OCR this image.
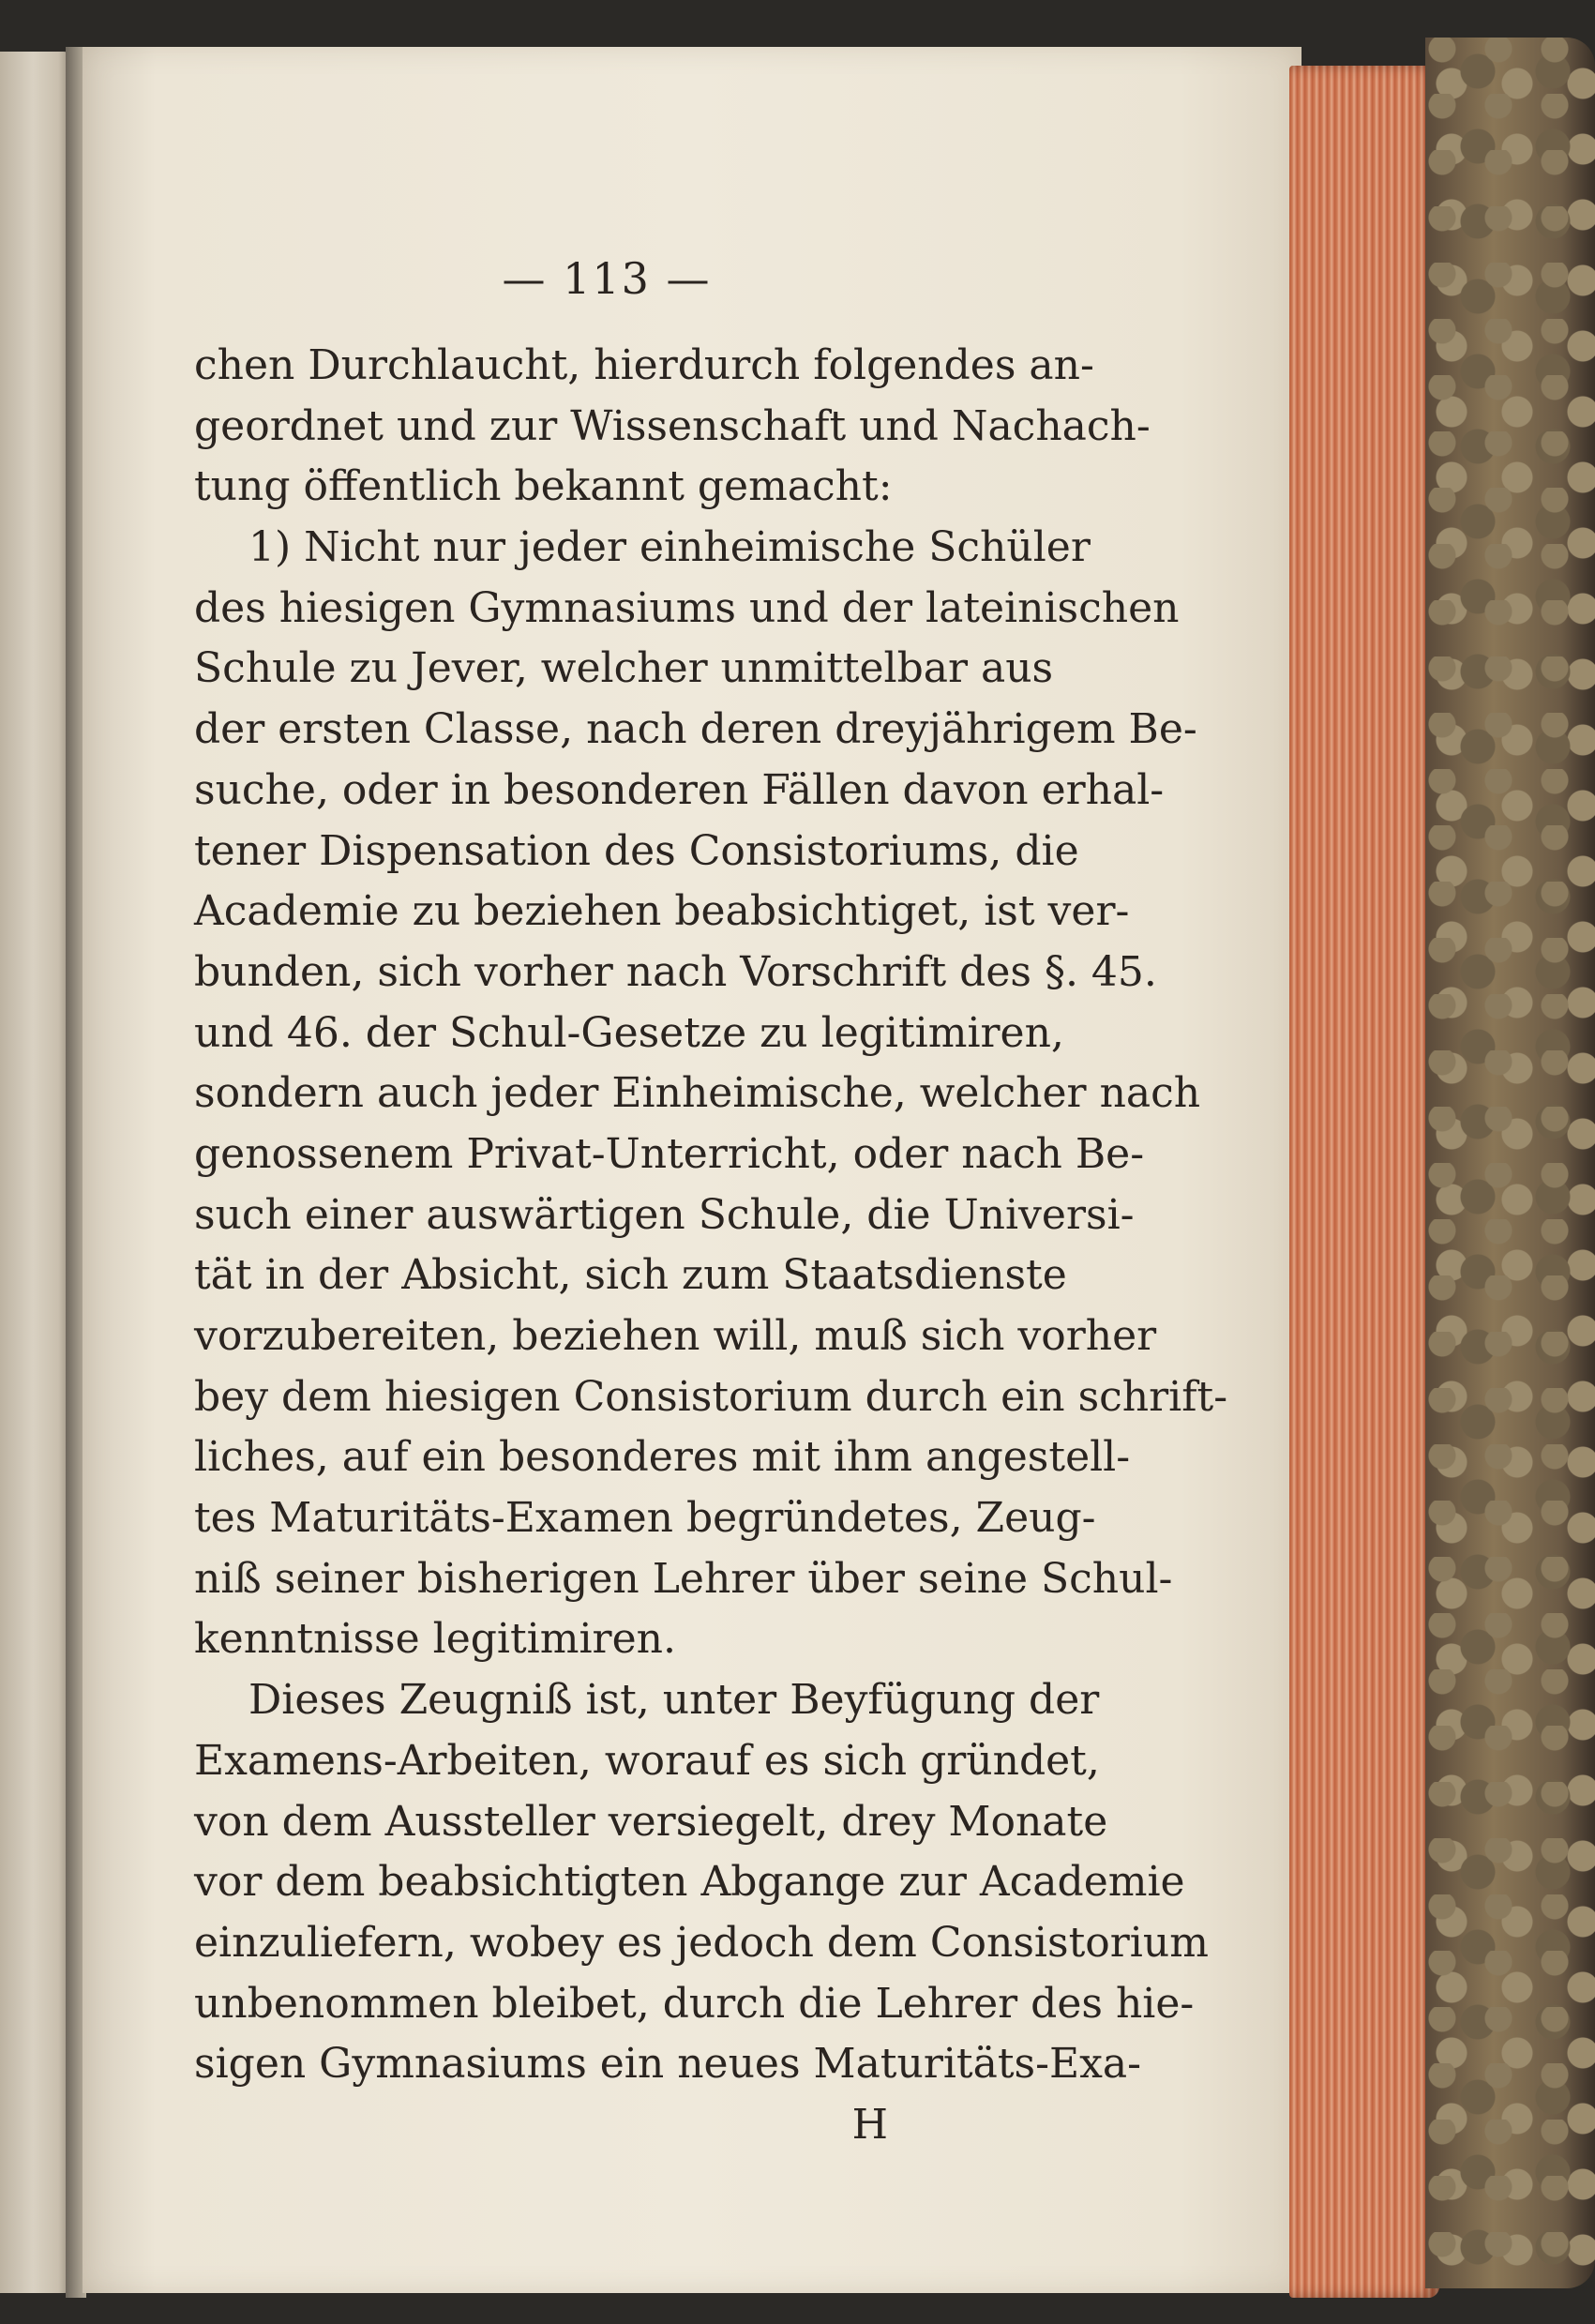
— 113 —
chen Durchlaucht, hierdurch folgendes an-
geordnet und zur Wissenschaft und Nachach-
tung öffentlich bekannt gemacht:
1) Nicht nur jeder einheimische Schüler
des hiesigen Gymnasiums und der lateinischen
Schule zu Jever, welcher unmittelbar aus
der ersten Classe, nach deren dreyjährigem Be-
suche, oder in besonderen Fällen davon erhal-
tener Dispensation des Consistoriums, die
Academie zu beziehen beabsichtiget, ist ver-
bunden, sich vorher nach Vorschrift des §. 45.
und 46. der Schul-Gesetze zu legitimiren,
sondern auch jeder Einheimische, welcher nach
genossenem Privat-Unterricht, oder nach Be-
such einer auswärtigen Schule, die Universi-
tät in der Absicht, sich zum Staatsdienste
vorzubereiten, beziehen will, muß sich vorher
bey dem hiesigen Consistorium durch ein schrift-
liches, auf ein besonderes mit ihm angestell-
tes Maturitäts-Examen begründetes, Zeug-
niß seiner bisherigen Lehrer über seine Schul-
kenntnisse legitimiren.
Dieses Zeugniß ist, unter Beyfügung der
Examens-Arbeiten, worauf es sich gründet,
von dem Aussteller versiegelt, drey Monate
vor dem beabsichtigten Abgange zur Academie
einzuliefern, wobey es jedoch dem Consistorium
unbenommen bleibet, durch die Lehrer des hie-
sigen Gymnasiums ein neues Maturitäts-Exa-
H
